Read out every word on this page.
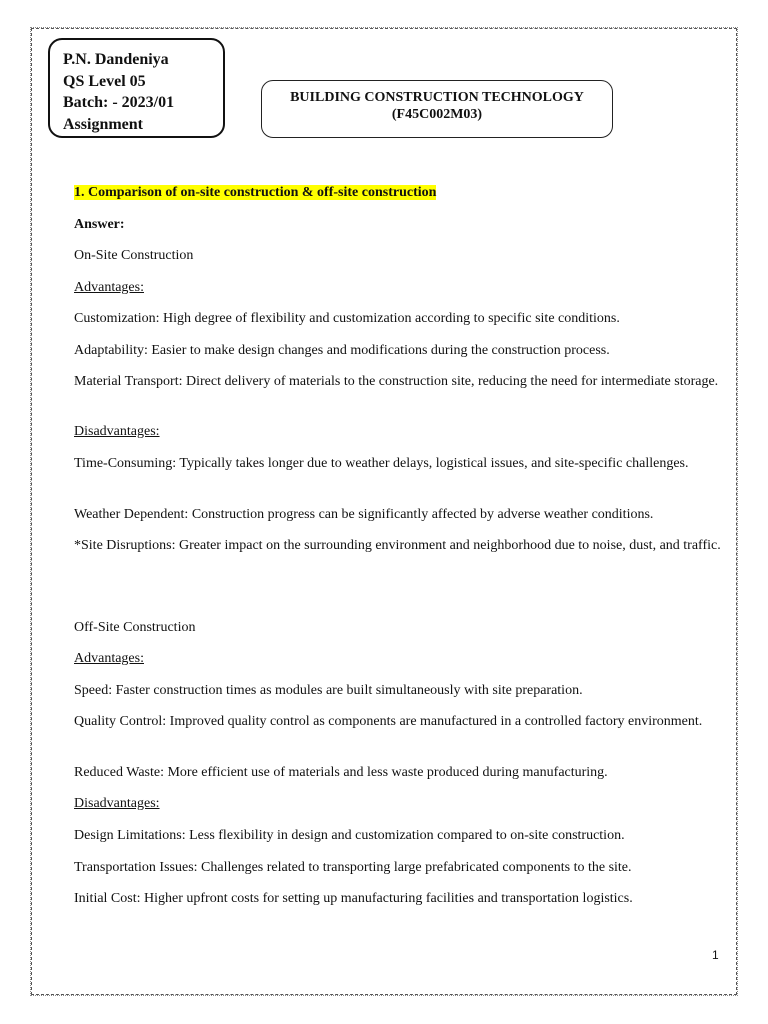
P.N. Dandeniya
QS Level 05
Batch: - 2023/01
Assignment
BUILDING CONSTRUCTION TECHNOLOGY
(F45C002M03)

1. Comparison of on-site construction & off-site construction

Answer:

On-Site Construction

Advantages:

Customization: High degree of flexibility and customization according to specific site conditions.

Adaptability: Easier to make design changes and modifications during the construction process.

Material Transport: Direct delivery of materials to the construction site, reducing the need for intermediate storage.

Disadvantages:

Time-Consuming: Typically takes longer due to weather delays, logistical issues, and site-specific challenges.

Weather Dependent: Construction progress can be significantly affected by adverse weather conditions.

*Site Disruptions: Greater impact on the surrounding environment and neighborhood due to noise, dust, and traffic.

Off-Site Construction

Advantages:

Speed: Faster construction times as modules are built simultaneously with site preparation.

Quality Control: Improved quality control as components are manufactured in a controlled factory environment.

Reduced Waste: More efficient use of materials and less waste produced during manufacturing.

Disadvantages:

Design Limitations: Less flexibility in design and customization compared to on-site construction.

Transportation Issues: Challenges related to transporting large prefabricated components to the site.

Initial Cost: Higher upfront costs for setting up manufacturing facilities and transportation logistics.

1
